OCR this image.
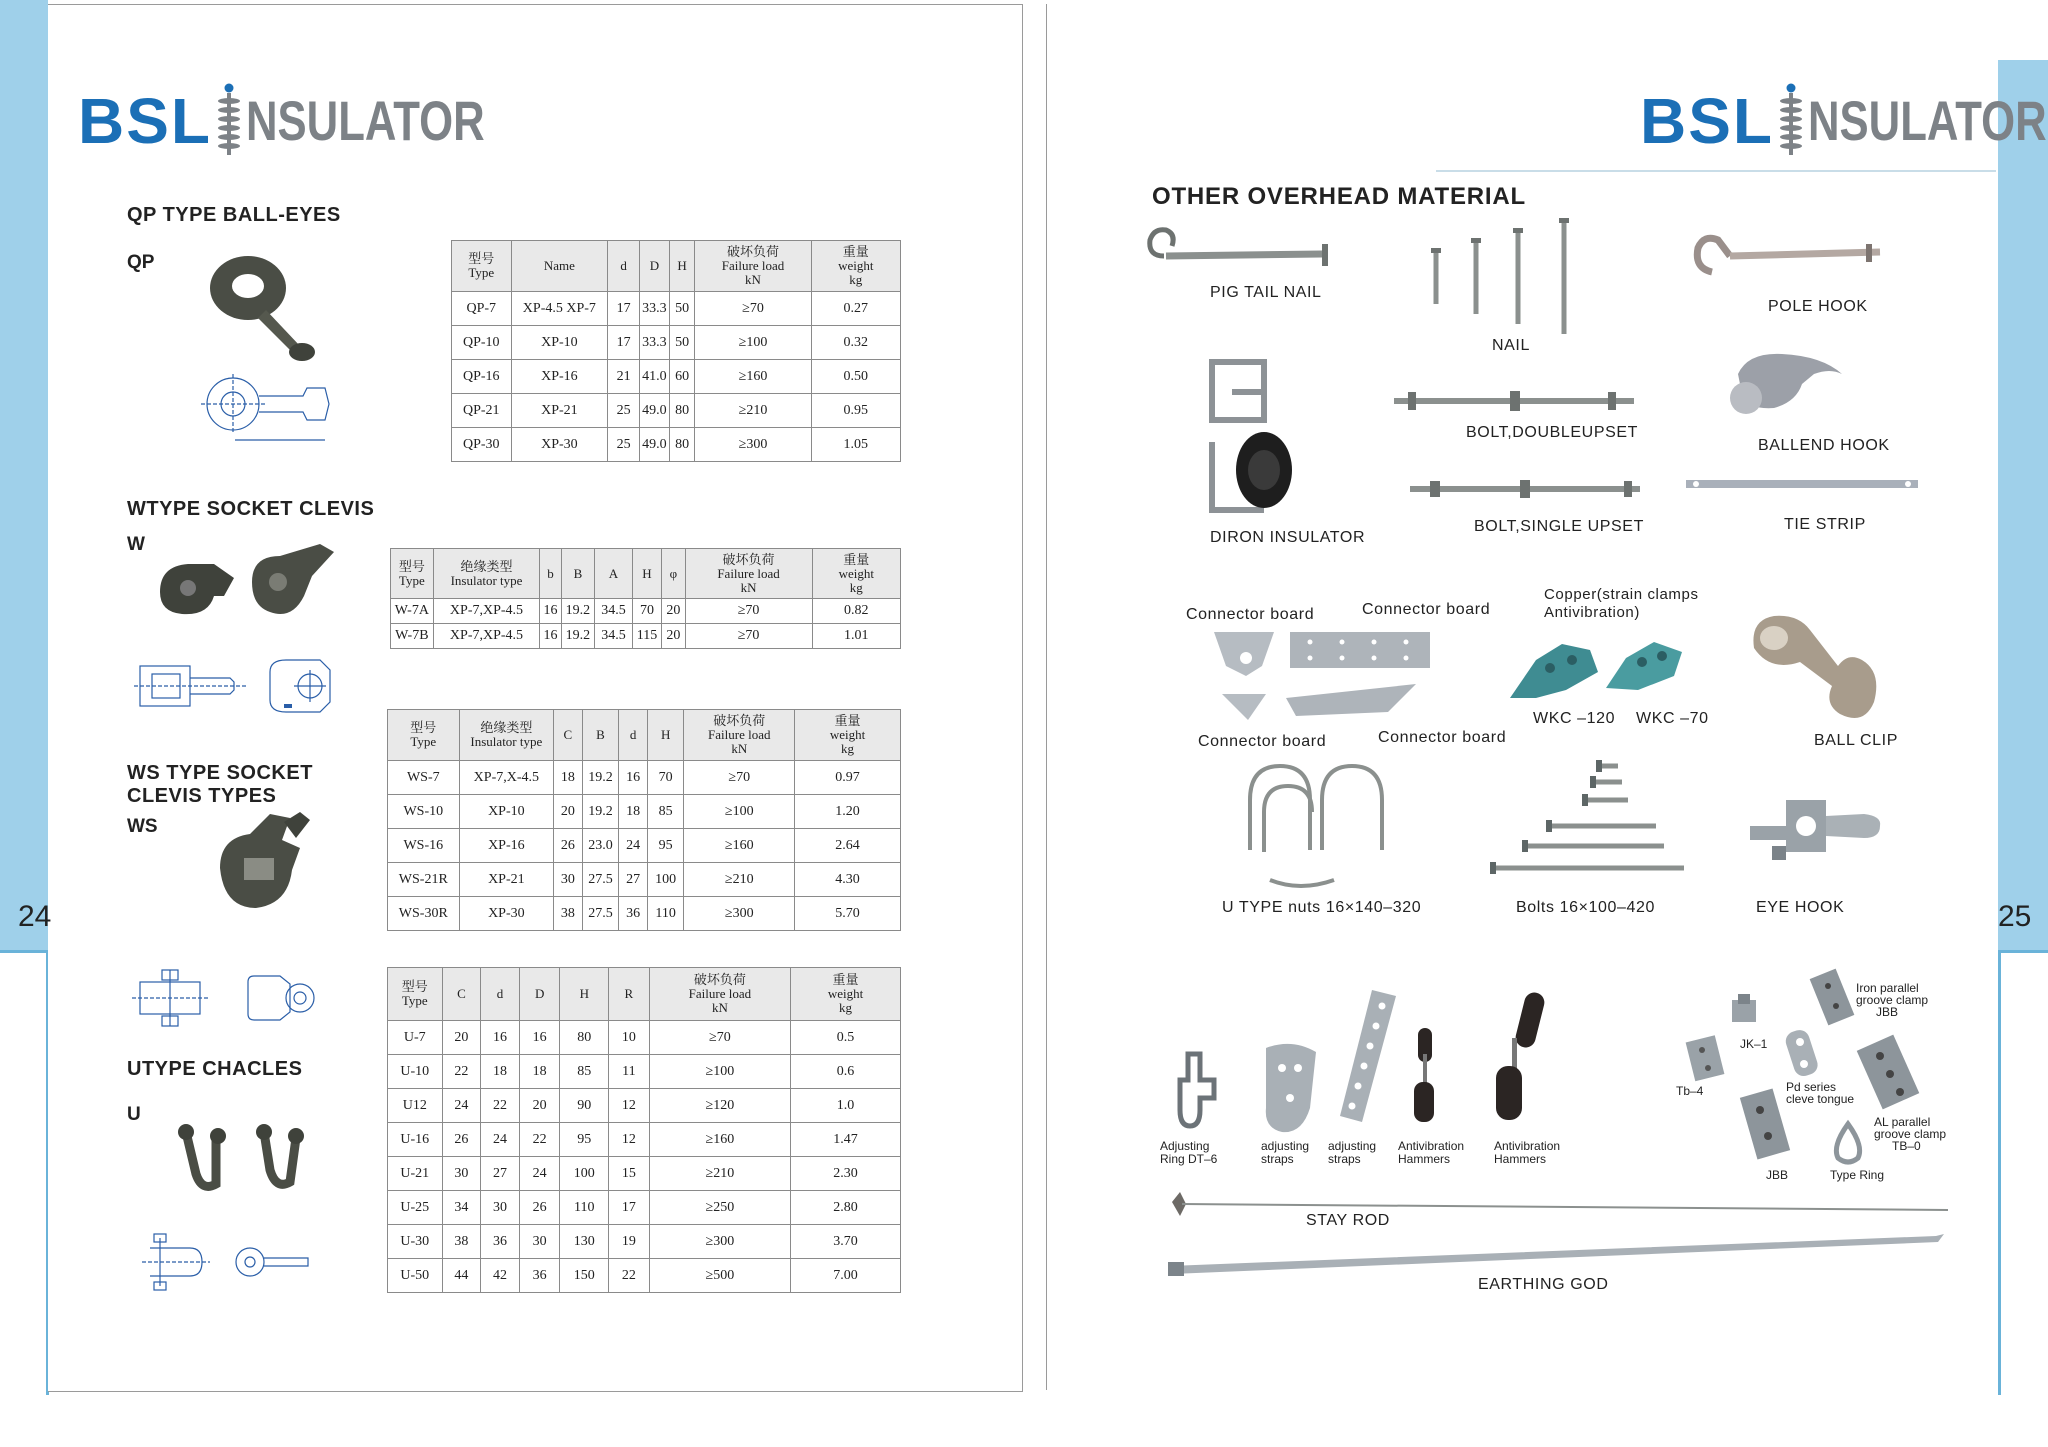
24	25
BSL NSULATOR	BSL NSULATOR
QP TYPE BALL-EYES
QP	型号
Type	Name	d	D	H	破坏负荷
Failure load
kN	重量
weight
kg

QP-7	XP-4.5 XP-7	17	33.3	50	≥70	0.27
QP-10	XP-10	17	33.3	50	≥100	0.32
QP-16	XP-16	21	41.0	60	≥160	0.50
QP-21	XP-21	25	49.0	80	≥210	0.95
QP-30	XP-30	25	49.0	80	≥300	1.05
WTYPE SOCKET CLEVIS
W
型号
Type	绝缘类型
Insulator type	b	B	A	H	φ	破坏负荷
Failure load
kN	重量
weight
kg

W-7A	XP-7,XP-4.5	16	19.2	34.5	70	20	≥70	0.82
W-7B	XP-7,XP-4.5	16	19.2	34.5	115	20	≥70	1.01
WS TYPE SOCKET
CLEVIS TYPES
WS
型号
Type	绝缘类型
Insulator type	C	B	d	H	破坏负荷
Failure load
kN	重量
weight
kg

WS-7	XP-7,X-4.5	18	19.2	16	70	≥70	0.97
WS-10	XP-10	20	19.2	18	85	≥100	1.20
WS-16	XP-16	26	23.0	24	95	≥160	2.64
WS-21R	XP-21	30	27.5	27	100	≥210	4.30
WS-30R	XP-30	38	27.5	36	110	≥300	5.70
UTYPE CHACLES
U
型号
Type	C	d	D	H	R	破坏负荷
Failure load
kN	重量
weight
kg

U-7	20	16	16	80	10	≥70	0.5
U-10	22	18	18	85	11	≥100	0.6
U12	24	22	20	90	12	≥120	1.0
U-16	26	24	22	95	12	≥160	1.47
U-21	30	27	24	100	15	≥210	2.30
U-25	34	30	26	110	17	≥250	2.80
U-30	38	36	30	130	19	≥300	3.70
U-50	44	42	36	150	22	≥500	7.00
OTHER OVERHEAD MATERIAL
PIG TAIL NAIL
NAIL
POLE HOOK
DIRON INSULATOR
BOLT,DOUBLEUPSET
BALLEND HOOK
BOLT,SINGLE UPSET	TIE STRIP
Connector board	Connector board
Connector board	Connector board
Copper(strain clamps
Antivibration)
WKC –120 WKC –70
BALL CLIP
U TYPE nuts 16×140–320	Bolts 16×100–420	EYE HOOK
Adjusting
Ring DT–6
adjusting
straps
adjusting
straps
Antivibration
Hammers
Antivibration
Hammers
JK–1
Tb–4
Iron parallel
groove clamp
JBB
Pd series
cleve tongue
AL parallel
groove clamp
TB–0
JBB	Type Ring
STAY ROD
EARTHING GOD
